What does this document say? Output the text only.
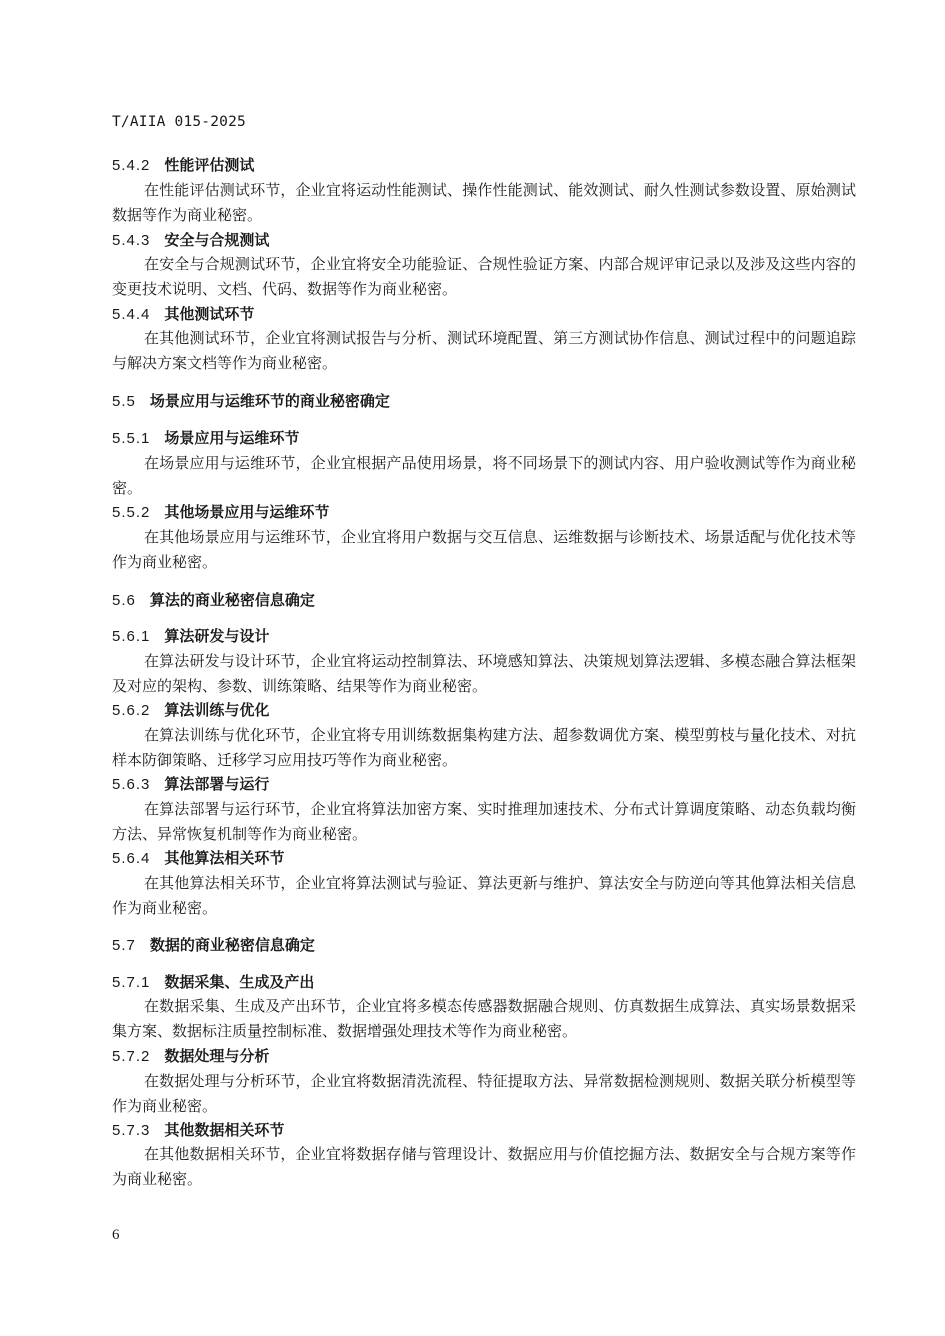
T/AIIA 015-2025
5.4.2 性能评估测试
在性能评估测试环节，企业宜将运动性能测试、操作性能测试、能效测试、耐久性测试参数设置、原始测试数据等作为商业秘密。
5.4.3 安全与合规测试
在安全与合规测试环节，企业宜将安全功能验证、合规性验证方案、内部合规评审记录以及涉及这些内容的变更技术说明、文档、代码、数据等作为商业秘密。
5.4.4 其他测试环节
在其他测试环节，企业宜将测试报告与分析、测试环境配置、第三方测试协作信息、测试过程中的问题追踪与解决方案文档等作为商业秘密。
5.5 场景应用与运维环节的商业秘密确定
5.5.1 场景应用与运维环节
在场景应用与运维环节，企业宜根据产品使用场景，将不同场景下的测试内容、用户验收测试等作为商业秘密。
5.5.2 其他场景应用与运维环节
在其他场景应用与运维环节，企业宜将用户数据与交互信息、运维数据与诊断技术、场景适配与优化技术等作为商业秘密。
5.6 算法的商业秘密信息确定
5.6.1 算法研发与设计
在算法研发与设计环节，企业宜将运动控制算法、环境感知算法、决策规划算法逻辑、多模态融合算法框架及对应的架构、参数、训练策略、结果等作为商业秘密。
5.6.2 算法训练与优化
在算法训练与优化环节，企业宜将专用训练数据集构建方法、超参数调优方案、模型剪枝与量化技术、对抗样本防御策略、迁移学习应用技巧等作为商业秘密。
5.6.3 算法部署与运行
在算法部署与运行环节，企业宜将算法加密方案、实时推理加速技术、分布式计算调度策略、动态负载均衡方法、异常恢复机制等作为商业秘密。
5.6.4 其他算法相关环节
在其他算法相关环节，企业宜将算法测试与验证、算法更新与维护、算法安全与防逆向等其他算法相关信息作为商业秘密。
5.7 数据的商业秘密信息确定
5.7.1 数据采集、生成及产出
在数据采集、生成及产出环节，企业宜将多模态传感器数据融合规则、仿真数据生成算法、真实场景数据采集方案、数据标注质量控制标准、数据增强处理技术等作为商业秘密。
5.7.2 数据处理与分析
在数据处理与分析环节，企业宜将数据清洗流程、特征提取方法、异常数据检测规则、数据关联分析模型等作为商业秘密。
5.7.3 其他数据相关环节
在其他数据相关环节，企业宜将数据存储与管理设计、数据应用与价值挖掘方法、数据安全与合规方案等作为商业秘密。
6
